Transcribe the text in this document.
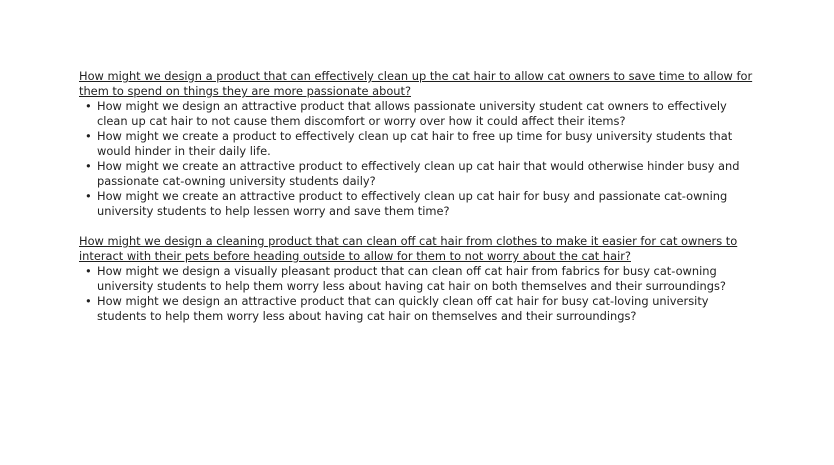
How might we design a product that can effectively clean up the cat hair to allow cat owners to save time to allow for them to spend on things they are more passionate about?

• How might we design an attractive product that allows passionate university student cat owners to effectively clean up cat hair to not cause them discomfort or worry over how it could affect their items?
• How might we create a product to effectively clean up cat hair to free up time for busy university students that would hinder in their daily life.
• How might we create an attractive product to effectively clean up cat hair that would otherwise hinder busy and passionate cat-owning university students daily?
• How might we create an attractive product to effectively clean up cat hair for busy and passionate cat-owning university students to help lessen worry and save them time?

How might we design a cleaning product that can clean off cat hair from clothes to make it easier for cat owners to interact with their pets before heading outside to allow for them to not worry about the cat hair?

• How might we design a visually pleasant product that can clean off cat hair from fabrics for busy cat-owning university students to help them worry less about having cat hair on both themselves and their surroundings?
• How might we design an attractive product that can quickly clean off cat hair for busy cat-loving university students to help them worry less about having cat hair on themselves and their surroundings?
